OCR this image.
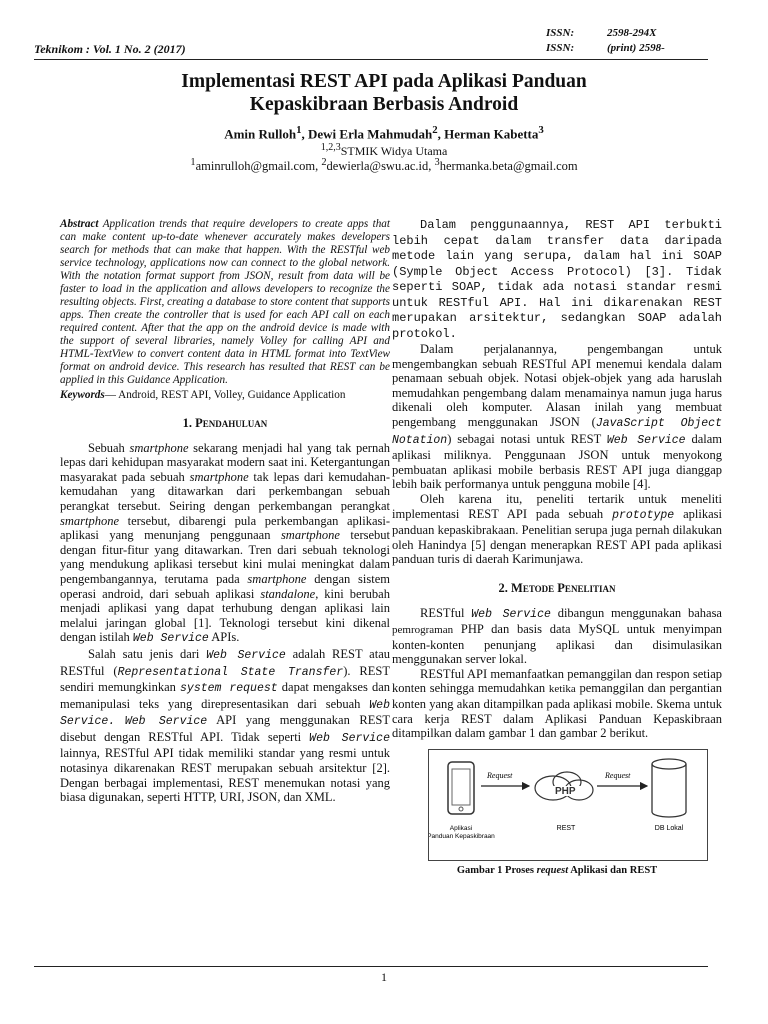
Teknikom : Vol. 1 No. 2 (2017)
ISSN:	2598-294X
ISSN:	(print) 2598-
Implementasi REST API pada Aplikasi Panduan
Kepaskibraan Berbasis Android
Amin Rulloh$^1$, Dewi Erla Mahmudah$^2$, Herman Kabetta$^3$
$^{1,2,3}$STMIK Widya Utama
$^1$aminrulloh@gmail.com, $^2$dewierla@swu.ac.id, $^3$hermanka.beta@gmail.com
Abstract Application trends that require developers to create apps that can make content up-to-date whenever accurately makes developers search for methods that can make that happen. With the RESTful web service technology, applications now can connect to the global network. With the notation format support from JSON, result from data will be faster to load in the application and allows developers to recognize the resulting objects. First, creating a database to store content that supports apps. Then create the controller that is used for each API call on each required content. After that the app on the android device is made with the support of several libraries, namely Volley for calling API and HTML-TextView to convert content data in HTML format into TextView format on android device. This research has resulted that REST can be applied in this Guidance Application.
Keywords— Android, REST API, Volley, Guidance Application
1. Pendahuluan

Sebuah smartphone sekarang menjadi hal yang tak pernah lepas dari kehidupan masyarakat modern saat ini. Ketergantungan masyarakat pada sebuah smartphone tak lepas dari kemudahan-kemudahan yang ditawarkan dari perkembangan sebuah perangkat tersebut. Seiring dengan perkembangan perangkat smartphone tersebut, dibarengi pula perkembangan aplikasi-aplikasi yang menunjang penggunaan smartphone tersebut dengan fitur-fitur yang ditawarkan. Tren dari sebuah teknologi yang mendukung aplikasi tersebut kini mulai meningkat dalam pengembangannya, terutama pada smartphone dengan sistem operasi android, dari sebuah aplikasi standalone, kini berubah menjadi aplikasi yang dapat terhubung dengan aplikasi lain melalui jaringan global [1]. Teknologi tersebut kini dikenal dengan istilah Web Service APIs.

Salah satu jenis dari Web Service adalah REST atau RESTful (Representational State Transfer). REST sendiri memungkinkan system request dapat mengakses dan memanipulasi teks yang direpresentasikan dari sebuah Web Service. Web Service API yang menggunakan REST disebut dengan RESTful API. Tidak seperti Web Service lainnya, RESTful API tidak memiliki standar yang resmi untuk notasinya dikarenakan REST merupakan sebuah arsitektur [2]. Dengan berbagai implementasi, REST menemukan notasi yang biasa digunakan, seperti HTTP, URI, JSON, dan XML.

Dalam penggunaannya, REST API terbukti lebih cepat dalam transfer data daripada metode lain yang serupa, dalam hal ini SOAP (Symple Object Access Protocol) [3]. Tidak seperti SOAP, tidak ada notasi standar resmi untuk RESTful API. Hal ini dikarenakan REST merupakan arsitektur, sedangkan SOAP adalah protokol.

Dalam perjalanannya, pengembangan untuk mengembangkan sebuah RESTful API menemui kendala dalam penamaan sebuah objek. Notasi objek-objek yang ada haruslah memudahkan pengembang dalam menamainya namun juga harus dikenali oleh komputer. Alasan inilah yang membuat pengembang menggunakan JSON (JavaScript Object Notation) sebagai notasi untuk REST Web Service dalam aplikasi miliknya. Penggunaan JSON untuk menyokong pembuatan aplikasi mobile berbasis REST API juga dianggap lebih baik performanya untuk pengguna mobile [4].

Oleh karena itu, peneliti tertarik untuk meneliti implementasi REST API pada sebuah prototype aplikasi panduan kepaskibrakaan. Penelitian serupa juga pernah dilakukan oleh Hanindya [5] dengan menerapkan REST API pada aplikasi panduan turis di daerah Karimunjawa.

2. Metode Penelitian

RESTful Web Service dibangun menggunakan bahasa pemrograman PHP dan basis data MySQL untuk menyimpan konten-konten penunjang aplikasi dan disimulasikan menggunakan server lokal.

RESTful API memanfaatkan pemanggilan dan respon setiap konten sehingga memudahkan ketika pemanggilan dan pergantian konten yang akan ditampilkan pada aplikasi mobile. Skema untuk cara kerja REST dalam Aplikasi Panduan Kepaskibraan ditampilkan dalam gambar 1 dan gambar 2 berikut.

Request
PHP
Request
Aplikasi
Panduan Kepaskibraan
REST	DB Lokal
Gambar 1 Proses request Aplikasi dan REST
1
